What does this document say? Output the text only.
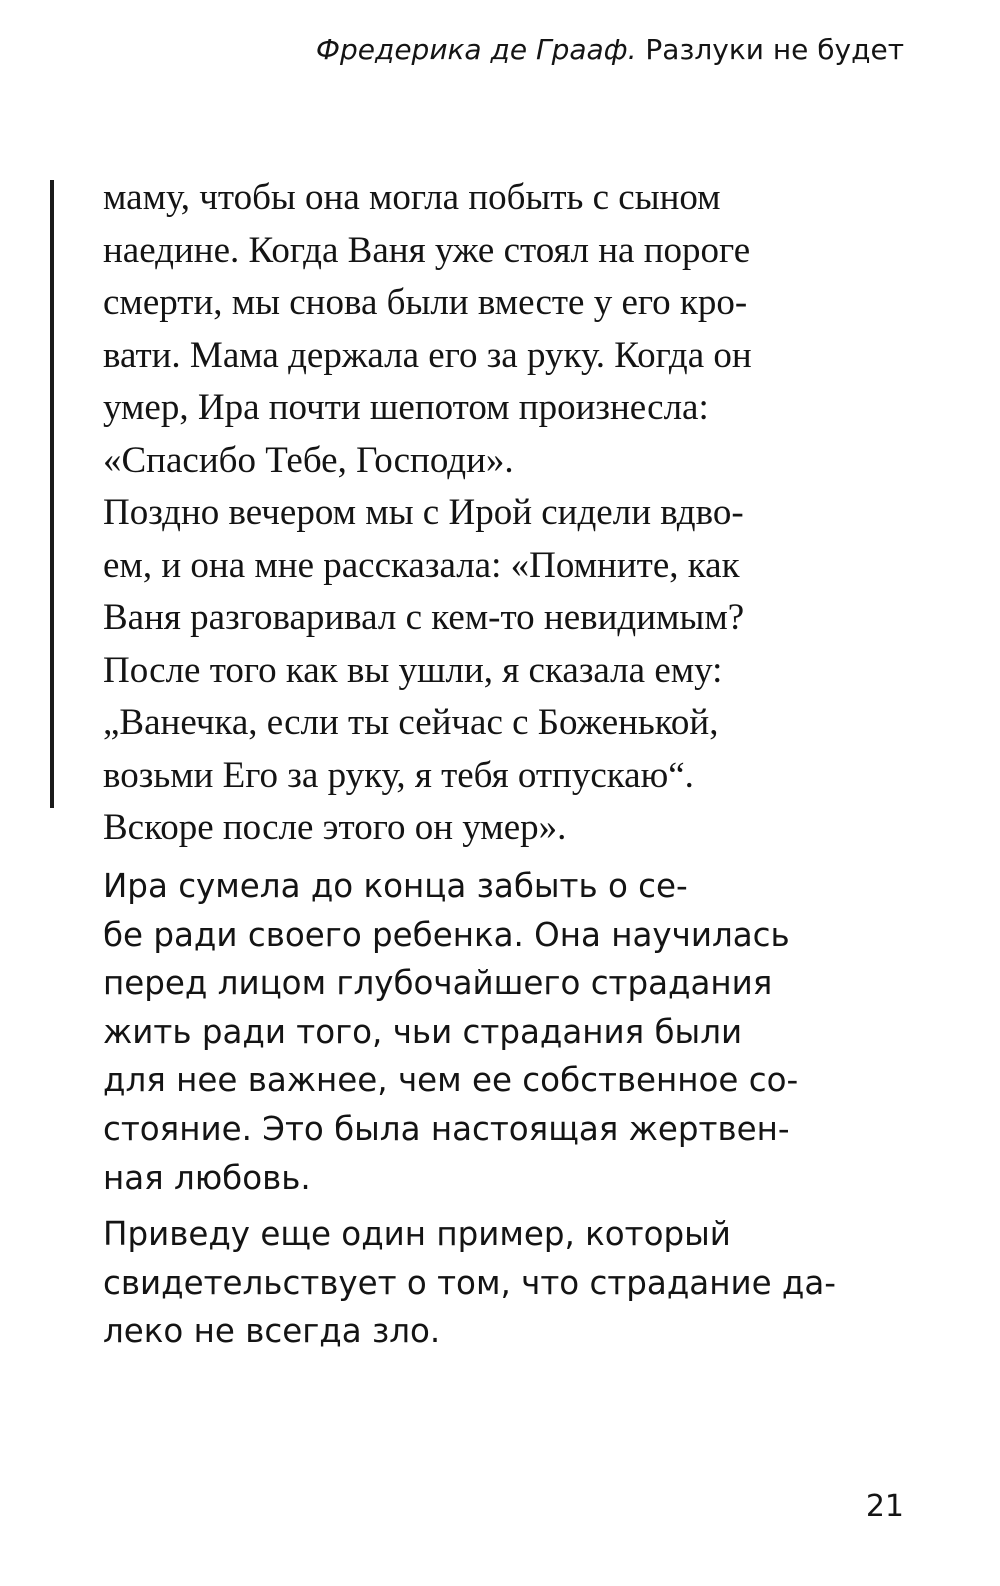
Фредерика де Грааф. Разлуки не будет
маму, чтобы она могла побыть с сыном
наедине. Когда Ваня уже стоял на пороге
смерти, мы снова были вместе у его кро-
вати. Мама держала его за руку. Когда он
умер, Ира почти шепотом произнесла:
«Спасибо Тебе, Господи».
Поздно вечером мы с Ирой сидели вдво-
ем, и она мне рассказала: «Помните, как
Ваня разговаривал с кем-то невидимым?
После того как вы ушли, я сказала ему:
„Ванечка, если ты сейчас с Боженькой,
возьми Его за руку, я тебя отпускаю“.
Вскоре после этого он умер».
Ира сумела до конца забыть о се-
бе ради своего ребенка. Она научилась
перед лицом глубочайшего страдания
жить ради того, чьи страдания были
для нее важнее, чем ее собственное со-
стояние. Это была настоящая жертвен-
ная любовь.
Приведу еще один пример, который
свидетельствует о том, что страдание да-
леко не всегда зло.
21
